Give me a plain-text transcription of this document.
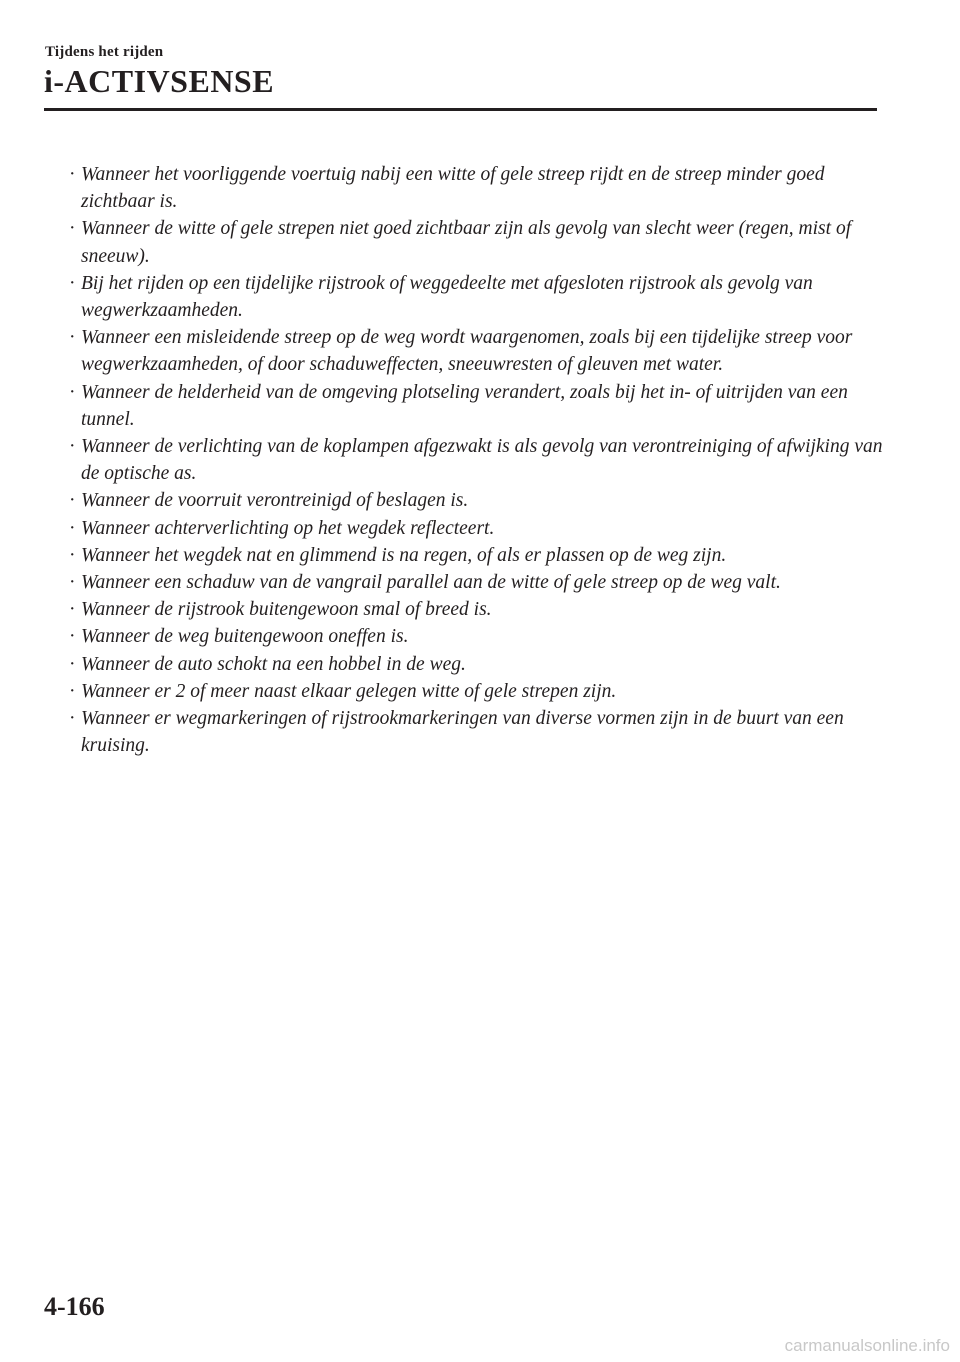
Tijdens het rijden
i-ACTIVSENSE
· Wanneer het voorliggende voertuig nabij een witte of gele streep rijdt en de streep minder goed zichtbaar is.
· Wanneer de witte of gele strepen niet goed zichtbaar zijn als gevolg van slecht weer (regen, mist of sneeuw).
· Bij het rijden op een tijdelijke rijstrook of weggedeelte met afgesloten rijstrook als gevolg van wegwerkzaamheden.
· Wanneer een misleidende streep op de weg wordt waargenomen, zoals bij een tijdelijke streep voor wegwerkzaamheden, of door schaduweffecten, sneeuwresten of gleuven met water.
· Wanneer de helderheid van de omgeving plotseling verandert, zoals bij het in- of uitrijden van een tunnel.
· Wanneer de verlichting van de koplampen afgezwakt is als gevolg van verontreiniging of afwijking van de optische as.
· Wanneer de voorruit verontreinigd of beslagen is.
· Wanneer achterverlichting op het wegdek reflecteert.
· Wanneer het wegdek nat en glimmend is na regen, of als er plassen op de weg zijn.
· Wanneer een schaduw van de vangrail parallel aan de witte of gele streep op de weg valt.
· Wanneer de rijstrook buitengewoon smal of breed is.
· Wanneer de weg buitengewoon oneffen is.
· Wanneer de auto schokt na een hobbel in de weg.
· Wanneer er 2 of meer naast elkaar gelegen witte of gele strepen zijn.
· Wanneer er wegmarkeringen of rijstrookmarkeringen van diverse vormen zijn in de buurt van een kruising.
4-166
carmanualsonline.info
